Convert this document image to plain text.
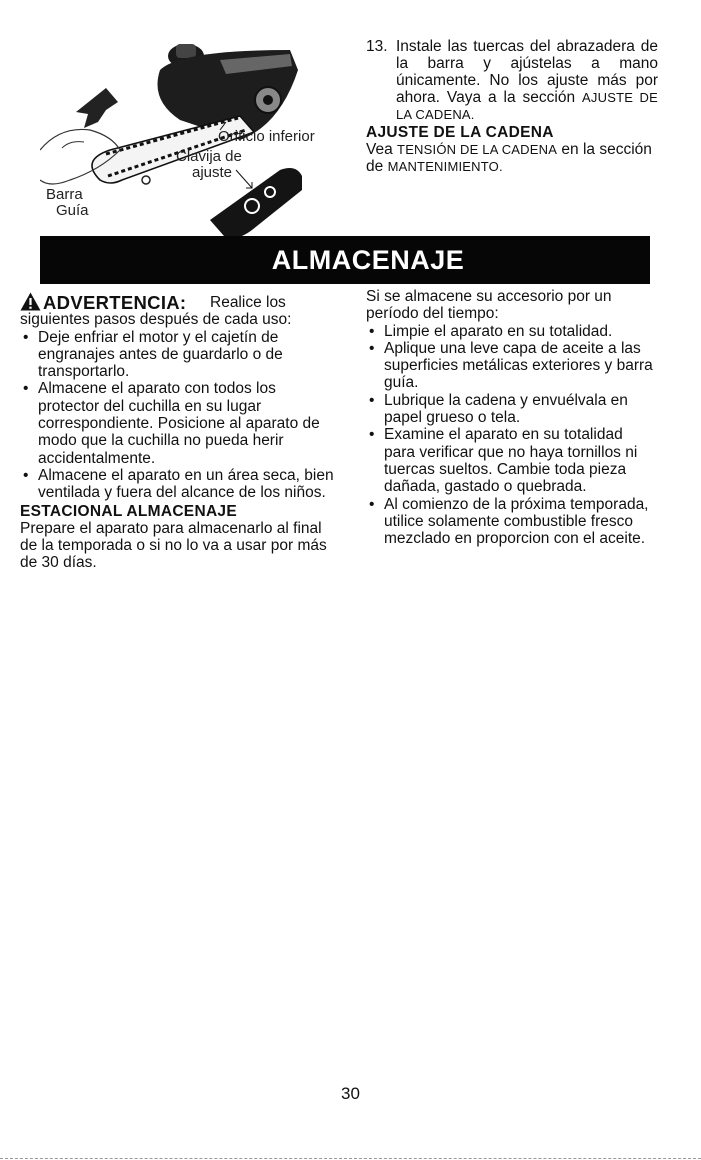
Orificio inferior
Clavija de
ajuste
Barra
Guía
13. Instale las tuercas del abrazadera de la barra y ajústelas a mano únicamente. No los ajuste más por ahora. Vaya a la sección AJUSTE DE LA CADENA.
AJUSTE DE LA CADENA

Vea TENSIÓN DE LA CADENA en la sección de MANTENIMIENTO.

ALMACENAJE
ADVERTENCIA:	Realice los siguientes pasos después de cada uso:

• Deje enfriar el motor y el cajetín de engranajes antes de guardarlo o de transportarlo.
• Almacene el aparato con todos los protector del cuchilla en su lugar correspondiente. Posicione al aparato de modo que la cuchilla no pueda herir accidentalmente.
• Almacene el aparato en un área seca, bien ventilada y fuera del alcance de los niños.
ESTACIONAL ALMACENAJE

Prepare el aparato para almacenarlo al final de la temporada o si no lo va a usar por más de 30 días.

Si se almacene su accesorio por un período del tiempo:

• Limpie el aparato en su totalidad.
• Aplique una leve capa de aceite a las superficies metálicas exteriores y barra guía.
• Lubrique la cadena y envuélvala en papel grueso o tela.
• Examine el aparato en su totalidad para verificar que no haya tornillos ni tuercas sueltos. Cambie toda pieza dañada, gastado o quebrada.
• Al comienzo de la próxima temporada, utilice solamente combustible fresco mezclado en proporcion con el aceite.
30
